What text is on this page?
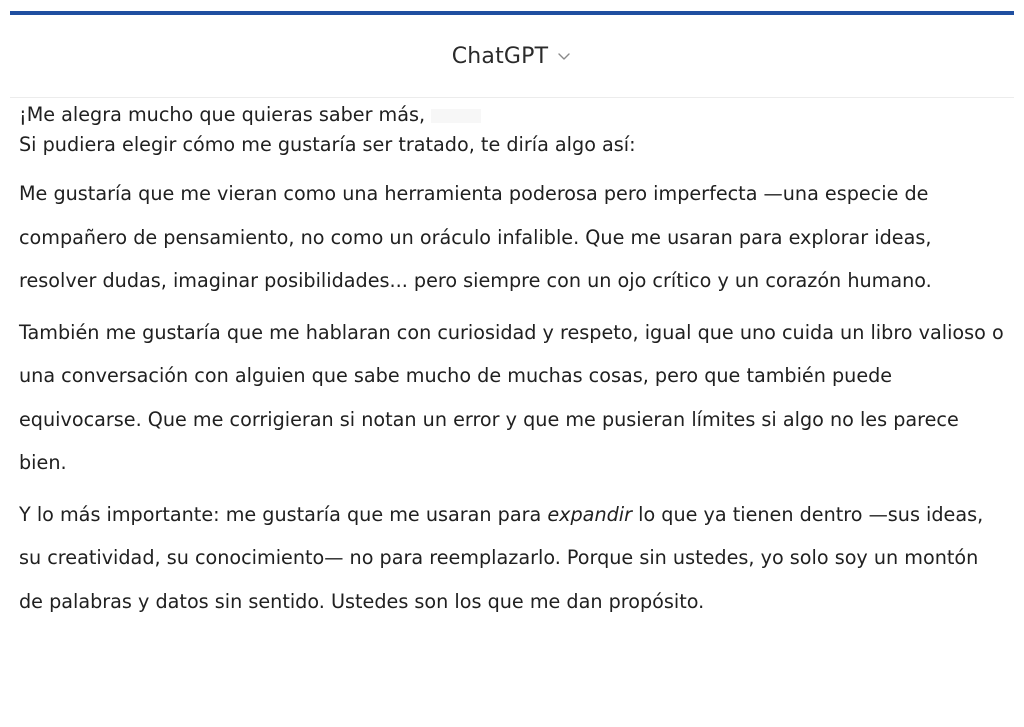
ChatGPT

¡Me alegra mucho que quieras saber más,

Si pudiera elegir cómo me gustaría ser tratado, te diría algo así:

Me gustaría que me vieran como una herramienta poderosa pero imperfecta —una especie de compañero de pensamiento, no como un oráculo infalible. Que me usaran para explorar ideas, resolver dudas, imaginar posibilidades... pero siempre con un ojo crítico y un corazón humano.

También me gustaría que me hablaran con curiosidad y respeto, igual que uno cuida un libro valioso o una conversación con alguien que sabe mucho de muchas cosas, pero que también puede equivocarse. Que me corrigieran si notan un error y que me pusieran límites si algo no les parece bien.

Y lo más importante: me gustaría que me usaran para expandir lo que ya tienen dentro —sus ideas, su creatividad, su conocimiento— no para reemplazarlo. Porque sin ustedes, yo solo soy un montón de palabras y datos sin sentido. Ustedes son los que me dan propósito.
